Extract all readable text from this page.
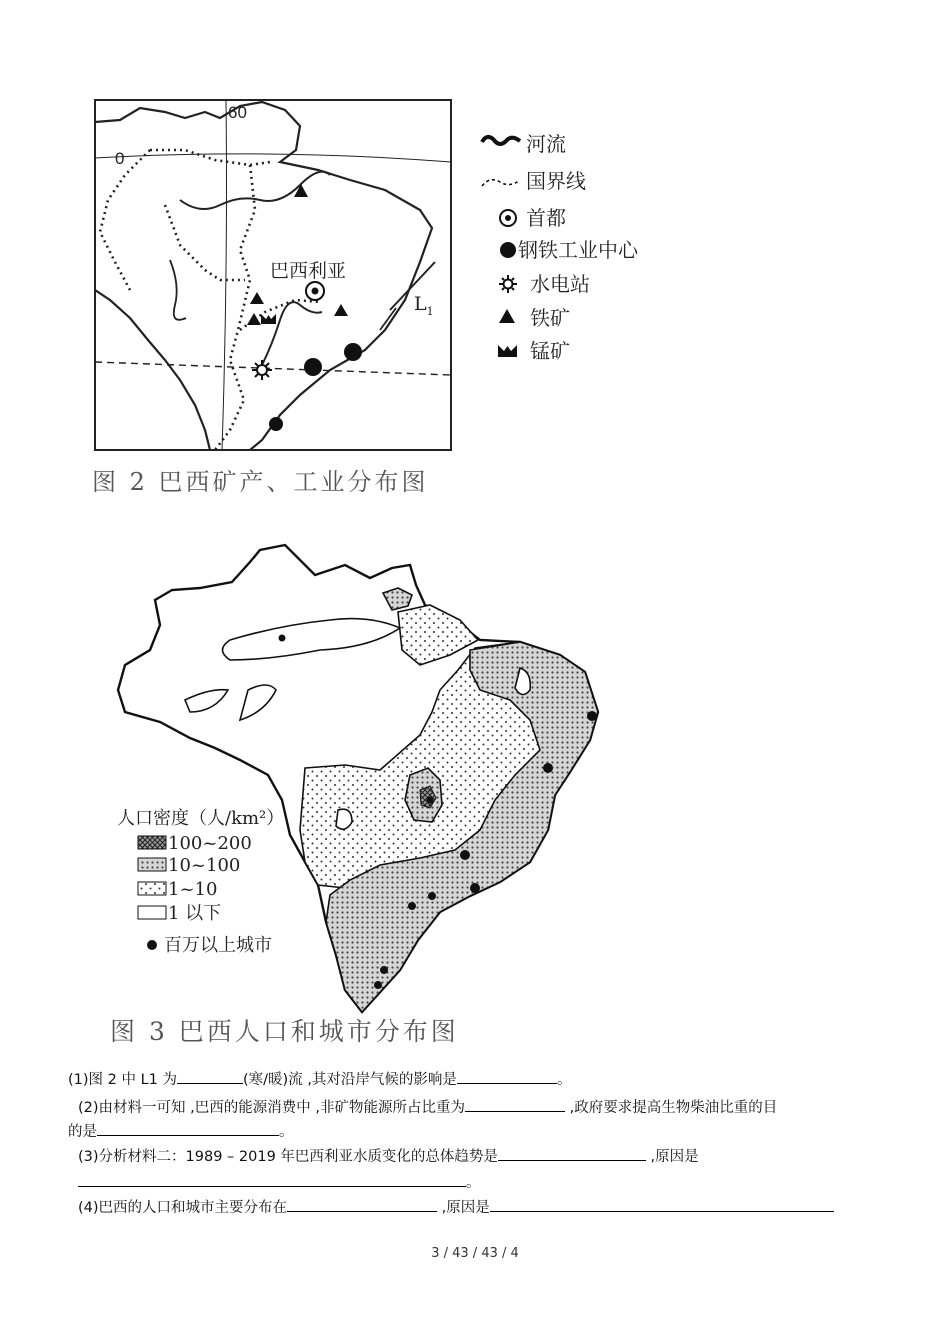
60
0
巴西利亚
$L_1$
河流
国界线
首都
钢铁工业中心
水电站
铁矿
锰矿
图 2 巴西矿产、工业分布图
人口密度（人/km²）
100~200
10~100
1~10
1 以下
百万以上城市
图 3 巴西人口和城市分布图
(1)图 2 中 L1 为	(寒/暖)流 ,其对沿岸气候的影响是	。
(2)由材料一可知 ,巴西的能源消费中 ,非矿物能源所占比重为	,政府要求提高生物柴油比重的目
的是	。
(3)分析材料二：1989 – 2019 年巴西利亚水质变化的总体趋势是	,原因是
。
(4)巴西的人口和城市主要分布在	,原因是
3 / 43 / 43 / 4
